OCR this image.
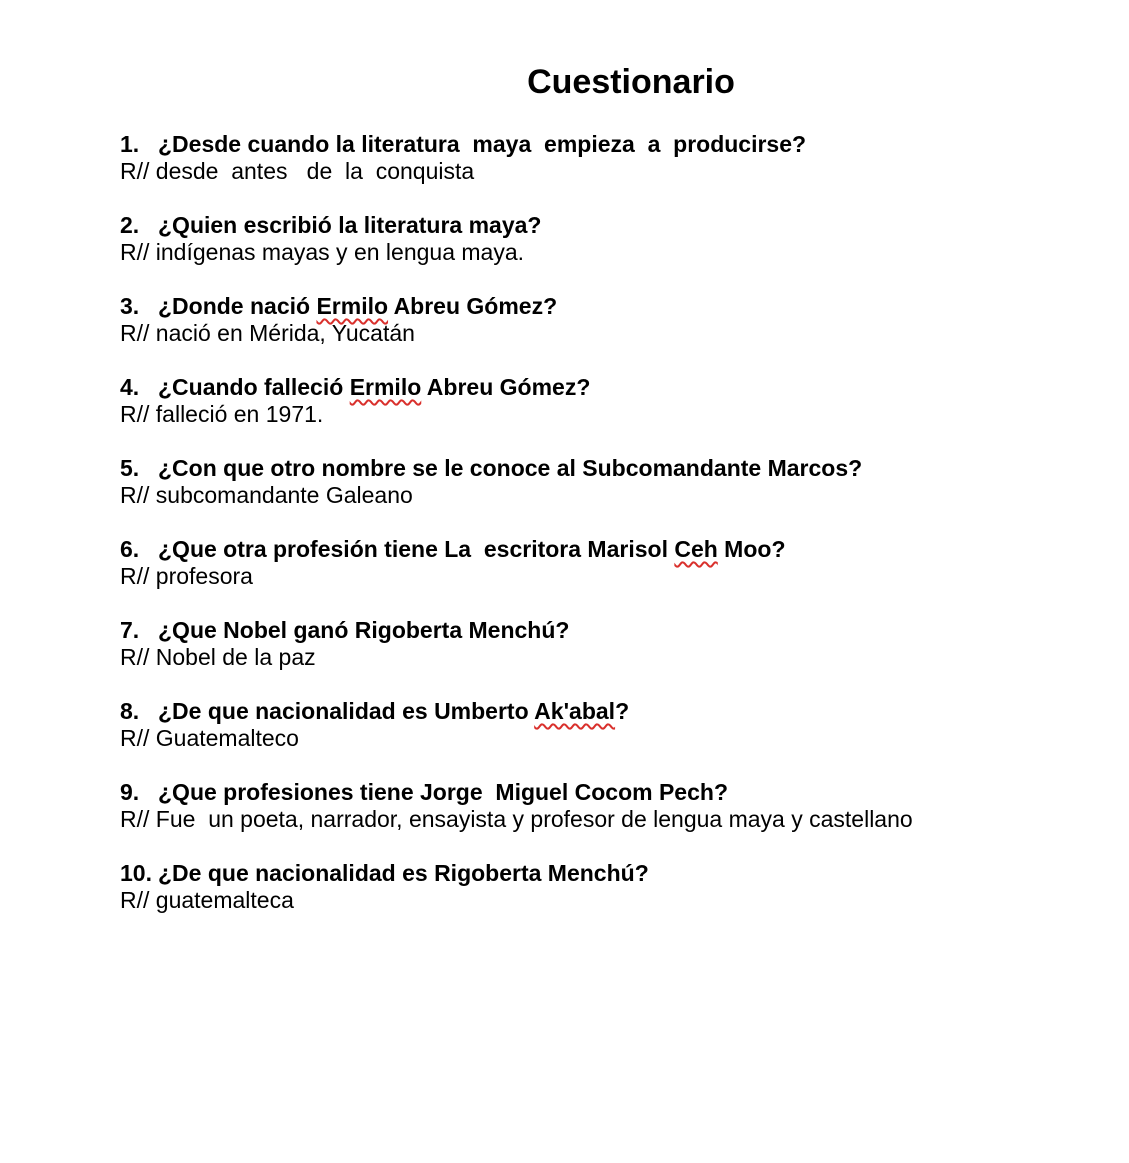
Cuestionario
1. ¿Desde cuando la literatura  maya  empieza  a  producirse?
R// desde  antes   de  la  conquista
2. ¿Quien escribió la literatura maya?
R// indígenas mayas y en lengua maya.
3. ¿Donde nació Ermilo Abreu Gómez?
R// nació en Mérida, Yucatán
4. ¿Cuando falleció Ermilo Abreu Gómez?
R// falleció en 1971.
5. ¿Con que otro nombre se le conoce al Subcomandante Marcos?
R// subcomandante Galeano
6. ¿Que otra profesión tiene La  escritora Marisol Ceh Moo?
R// profesora
7. ¿Que Nobel ganó Rigoberta Menchú?
R// Nobel de la paz
8. ¿De que nacionalidad es Umberto Ak'abal?
R// Guatemalteco
9. ¿Que profesiones tiene Jorge  Miguel Cocom Pech?
R// Fue  un poeta, narrador, ensayista y profesor de lengua maya y castellano
10. ¿De que nacionalidad es Rigoberta Menchú?
R// guatemalteca
